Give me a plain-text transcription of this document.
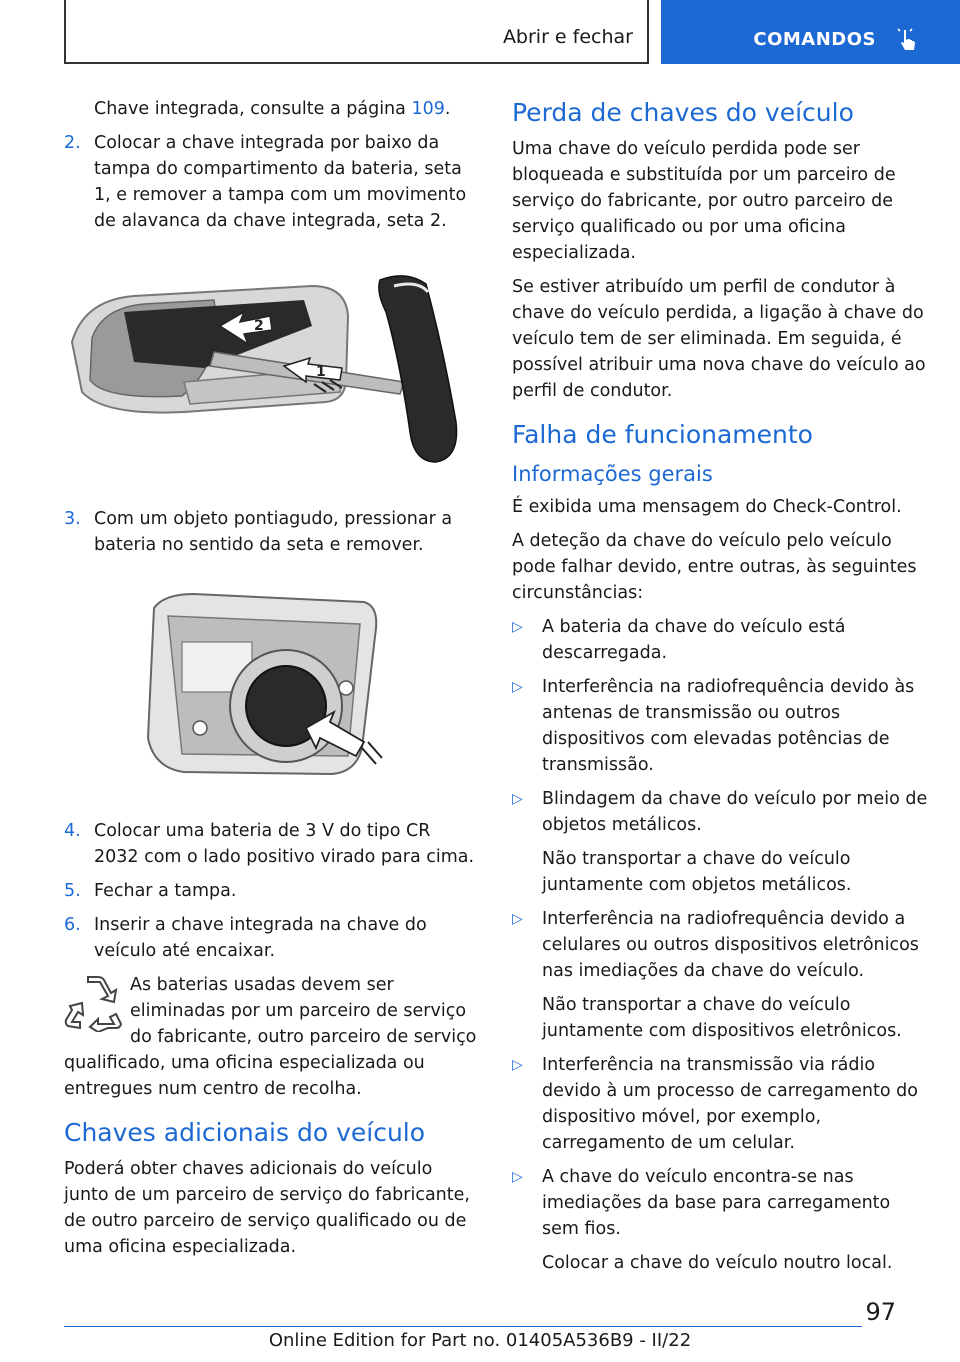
Abrir e fechar	COMANDOS
Chave integrada, consulte a página 109.
2. Colocar a chave integrada por baixo da tampa do compartimento da bateria, seta 1, e remover a tampa com um movimento de alavanca da chave integrada, seta 2.
2
1
3. Com um objeto pontiagudo, pressionar a bateria no sentido da seta e remover.
4. Colocar uma bateria de 3 V do tipo CR 2032 com o lado positivo virado para cima.
5. Fechar a tampa.
6. Inserir a chave integrada na chave do veículo até encaixar.
As baterias usadas devem ser eliminadas por um parceiro de serviço do fabricante, outro parceiro de serviço qualificado, uma oficina especializada ou entregues num centro de recolha.
Chaves adicionais do veículo
Poderá obter chaves adicionais do veículo junto de um parceiro de serviço do fabricante, de outro parceiro de serviço qualificado ou de uma oficina especializada.
Perda de chaves do veículo
Uma chave do veículo perdida pode ser bloqueada e substituída por um parceiro de serviço do fabricante, por outro parceiro de serviço qualificado ou por uma oficina especializada.
Se estiver atribuído um perfil de condutor à chave do veículo perdida, a ligação à chave do veículo tem de ser eliminada. Em seguida, é possível atribuir uma nova chave do veículo ao perfil de condutor.
Falha de funcionamento
Informações gerais
É exibida uma mensagem do Check-Control.
A deteção da chave do veículo pelo veículo pode falhar devido, entre outras, às seguintes circunstâncias:
▷	A bateria da chave do veículo está descarregada.
▷	Interferência na radiofrequência devido às antenas de transmissão ou outros dispositivos com elevadas potências de transmissão.
▷	Blindagem da chave do veículo por meio de objetos metálicos.
Não transportar a chave do veículo juntamente com objetos metálicos.
▷	Interferência na radiofrequência devido a celulares ou outros dispositivos eletrônicos nas imediações da chave do veículo.
Não transportar a chave do veículo juntamente com dispositivos eletrônicos.
▷	Interferência na transmissão via rádio devido à um processo de carregamento do dispositivo móvel, por exemplo, carregamento de um celular.
▷	A chave do veículo encontra-se nas imediações da base para carregamento sem fios.
Colocar a chave do veículo noutro local.
97
Online Edition for Part no. 01405A536B9 - II/22
